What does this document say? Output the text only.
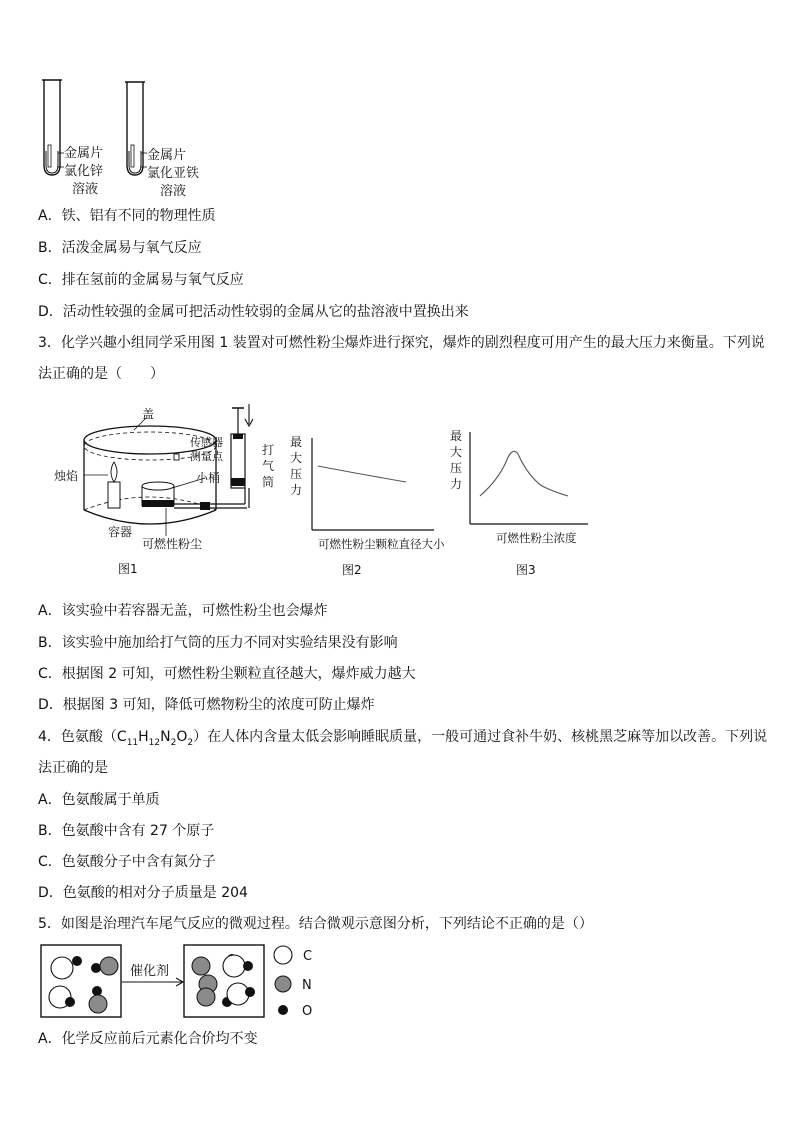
金属片
氯化锌
溶液
金属片
氯化亚铁
溶液
A．铁、铝有不同的物理性质
B．活泼金属易与氧气反应
C．排在氢前的金属易与氧气反应
D．活动性较强的金属可把活动性较弱的金属从它的盐溶液中置换出来
3．化学兴趣小组同学采用图 1 装置对可燃性粉尘爆炸进行探究，爆炸的剧烈程度可用产生的最大压力来衡量。下列说
法正确的是（　　）
盖
传感器
测量点
烛焰	小桶
打
气
筒
容器
可燃性粉尘
图1
最
大
压
力
可燃性粉尘颗粒直径大小
图2
最
大
压
力
可燃性粉尘浓度
图3
A．该实验中若容器无盖，可燃性粉尘也会爆炸
B．该实验中施加给打气筒的压力不同对实验结果没有影响
C．根据图 2 可知，可燃性粉尘颗粒直径越大，爆炸威力越大
D．根据图 3 可知，降低可燃物粉尘的浓度可防止爆炸
4．色氨酸$(C_{11}H_{12}N_2O_2)$在人体内含量太低会影响睡眠质量，一般可通过食补牛奶、核桃黑芝麻等加以改善。下列说
法正确的是
A．色氨酸属于单质
B．色氨酸中含有 27 个原子
C．色氨酸分子中含有氮分子
D．色氨酸的相对分子质量是 204
5．如图是治理汽车尾气反应的微观过程。结合微观示意图分析，下列结论不正确的是（）
催化剂
C
N
O
A．化学反应前后元素化合价均不变
